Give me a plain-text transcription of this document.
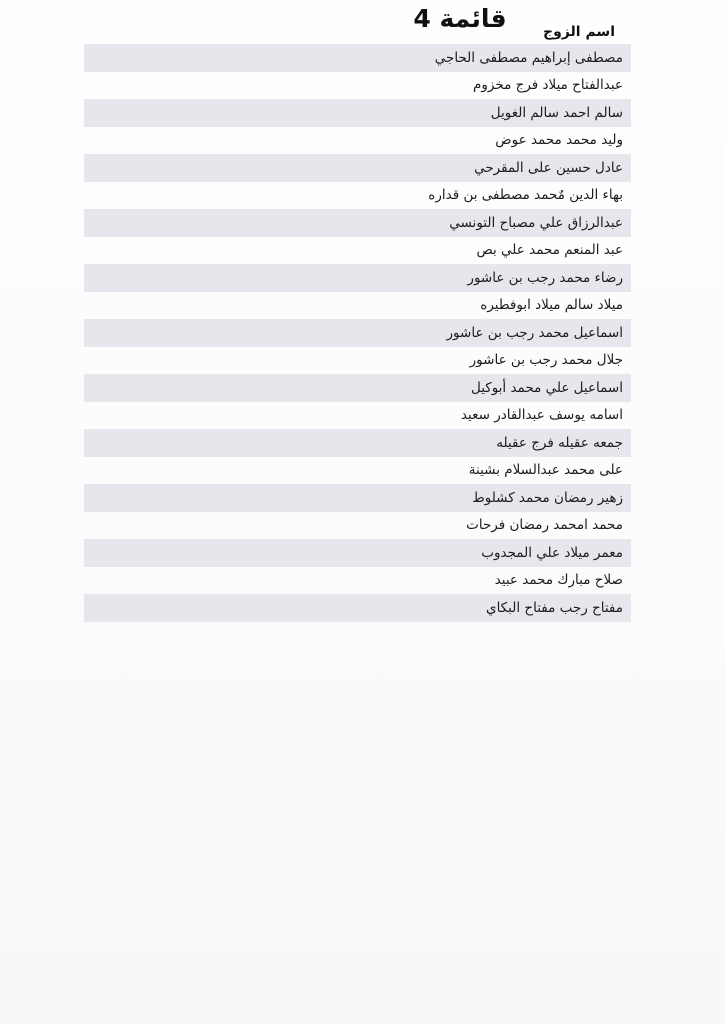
قائمة 4	اسم الزوج
مصطفى إبراهيم مصطفى الحاجي
عبدالفتاح ميلاد فرج مخزوم
سالم احمد سالم الغويل
وليد محمد محمد عوض
عادل حسين على المقرحي
بهاء الدين مٌحمد مصطفى بن قداره
عبدالرزاق علي مصباح التونسي
عبد المنعم محمد علي بص
رضاء محمد رجب بن عاشور
ميلاد سالم ميلاد ابوفطيره
اسماعيل محمد رجب بن عاشور
جلال محمد رجب بن عاشور
اسماعيل علي محمد أبوكيل
اسامه يوسف عبدالقادر سعيد
جمعه عقيله فرج عقيله
على محمد عبدالسلام بشينة
زهير رمضان محمد كشلوط
محمد امحمد رمضان فرحات
معمر ميلاد علي المجدوب
صلاح مبارك محمد عبيد
مفتاح رجب مفتاح البكاي
